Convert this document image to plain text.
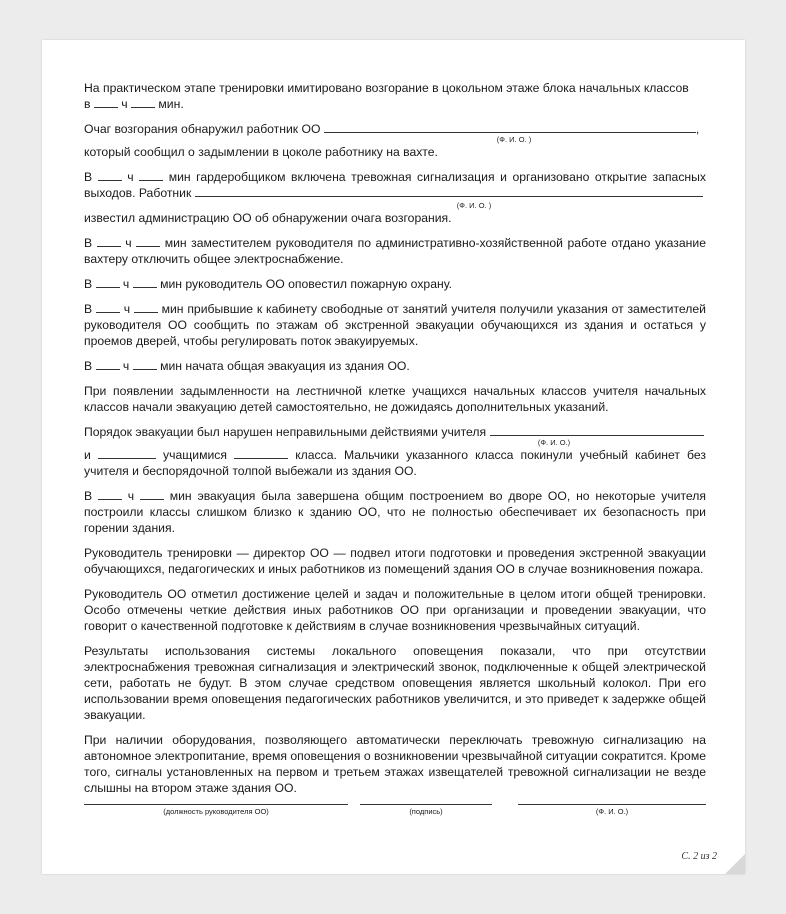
На практическом этапе тренировки имитировано возгорание в цокольном этаже блока начальных классов
в	ч	мин.

Очаг возгорания обнаружил работник ОО	,

(Ф. И. О. )

который сообщил о задымлении в цоколе работнику на вахте.

В	ч	мин гардеробщиком включена тревожная сигнализация и организовано открытие запасных выходов. Работник

(Ф. И. О. )

известил администрацию ОО об обнаружении очага возгорания.

В	ч	мин заместителем руководителя по административно-хозяйственной работе отдано указание вахтеру отключить общее электроснабжение.

В	ч	мин руководитель ОО оповестил пожарную охрану.

В	ч	мин прибывшие к кабинету свободные от занятий учителя получили указания от заместителей руководителя ОО сообщить по этажам об экстренной эвакуации обучающихся из здания и остаться у проемов дверей, чтобы регулировать поток эвакуируемых.

В	ч	мин начата общая эвакуация из здания ОО.

При появлении задымленности на лестничной клетке учащихся начальных классов учителя начальных классов начали эвакуацию детей самостоятельно, не дожидаясь дополнительных указаний.

Порядок эвакуации был нарушен неправильными действиями учителя

(Ф. И. О.)

и	учащимися	класса. Мальчики указанного класса покинули учебный кабинет без учителя и беспорядочной толпой выбежали из здания ОО.

В	ч	мин эвакуация была завершена общим построением во дворе ОО, но некоторые учителя построили классы слишком близко к зданию ОО, что не полностью обеспечивает их безопасность при горении здания.

Руководитель тренировки — директор ОО — подвел итоги подготовки и проведения экстренной эвакуации обучающихся, педагогических и иных работников из помещений здания ОО в случае возникновения пожара.

Руководитель ОО отметил достижение целей и задач и положительные в целом итоги общей тренировки. Особо отмечены четкие действия иных работников ОО при организации и проведении эвакуации, что говорит о качественной подготовке к действиям в случае возникновения чрезвычайных ситуаций.

Результаты использования системы локального оповещения показали, что при отсутствии электроснабжения тревожная сигнализация и электрический звонок, подключенные к общей электрической сети, работать не будут. В этом случае средством оповещения является школьный колокол. При его использовании время оповещения педагогических работников увеличится, и это приведет к задержке общей эвакуации.

При наличии оборудования, позволяющего автоматически переключать тревожную сигнализацию на автономное электропитание, время оповещения о возникновении чрезвычайной ситуации сократится. Кроме того, сигналы установленных на первом и третьем этажах извещателей тревожной сигнализации не везде слышны на втором этаже здания ОО.

(должность руководителя ОО)	(подпись)	(Ф. И. О.)
С. 2 из 2
